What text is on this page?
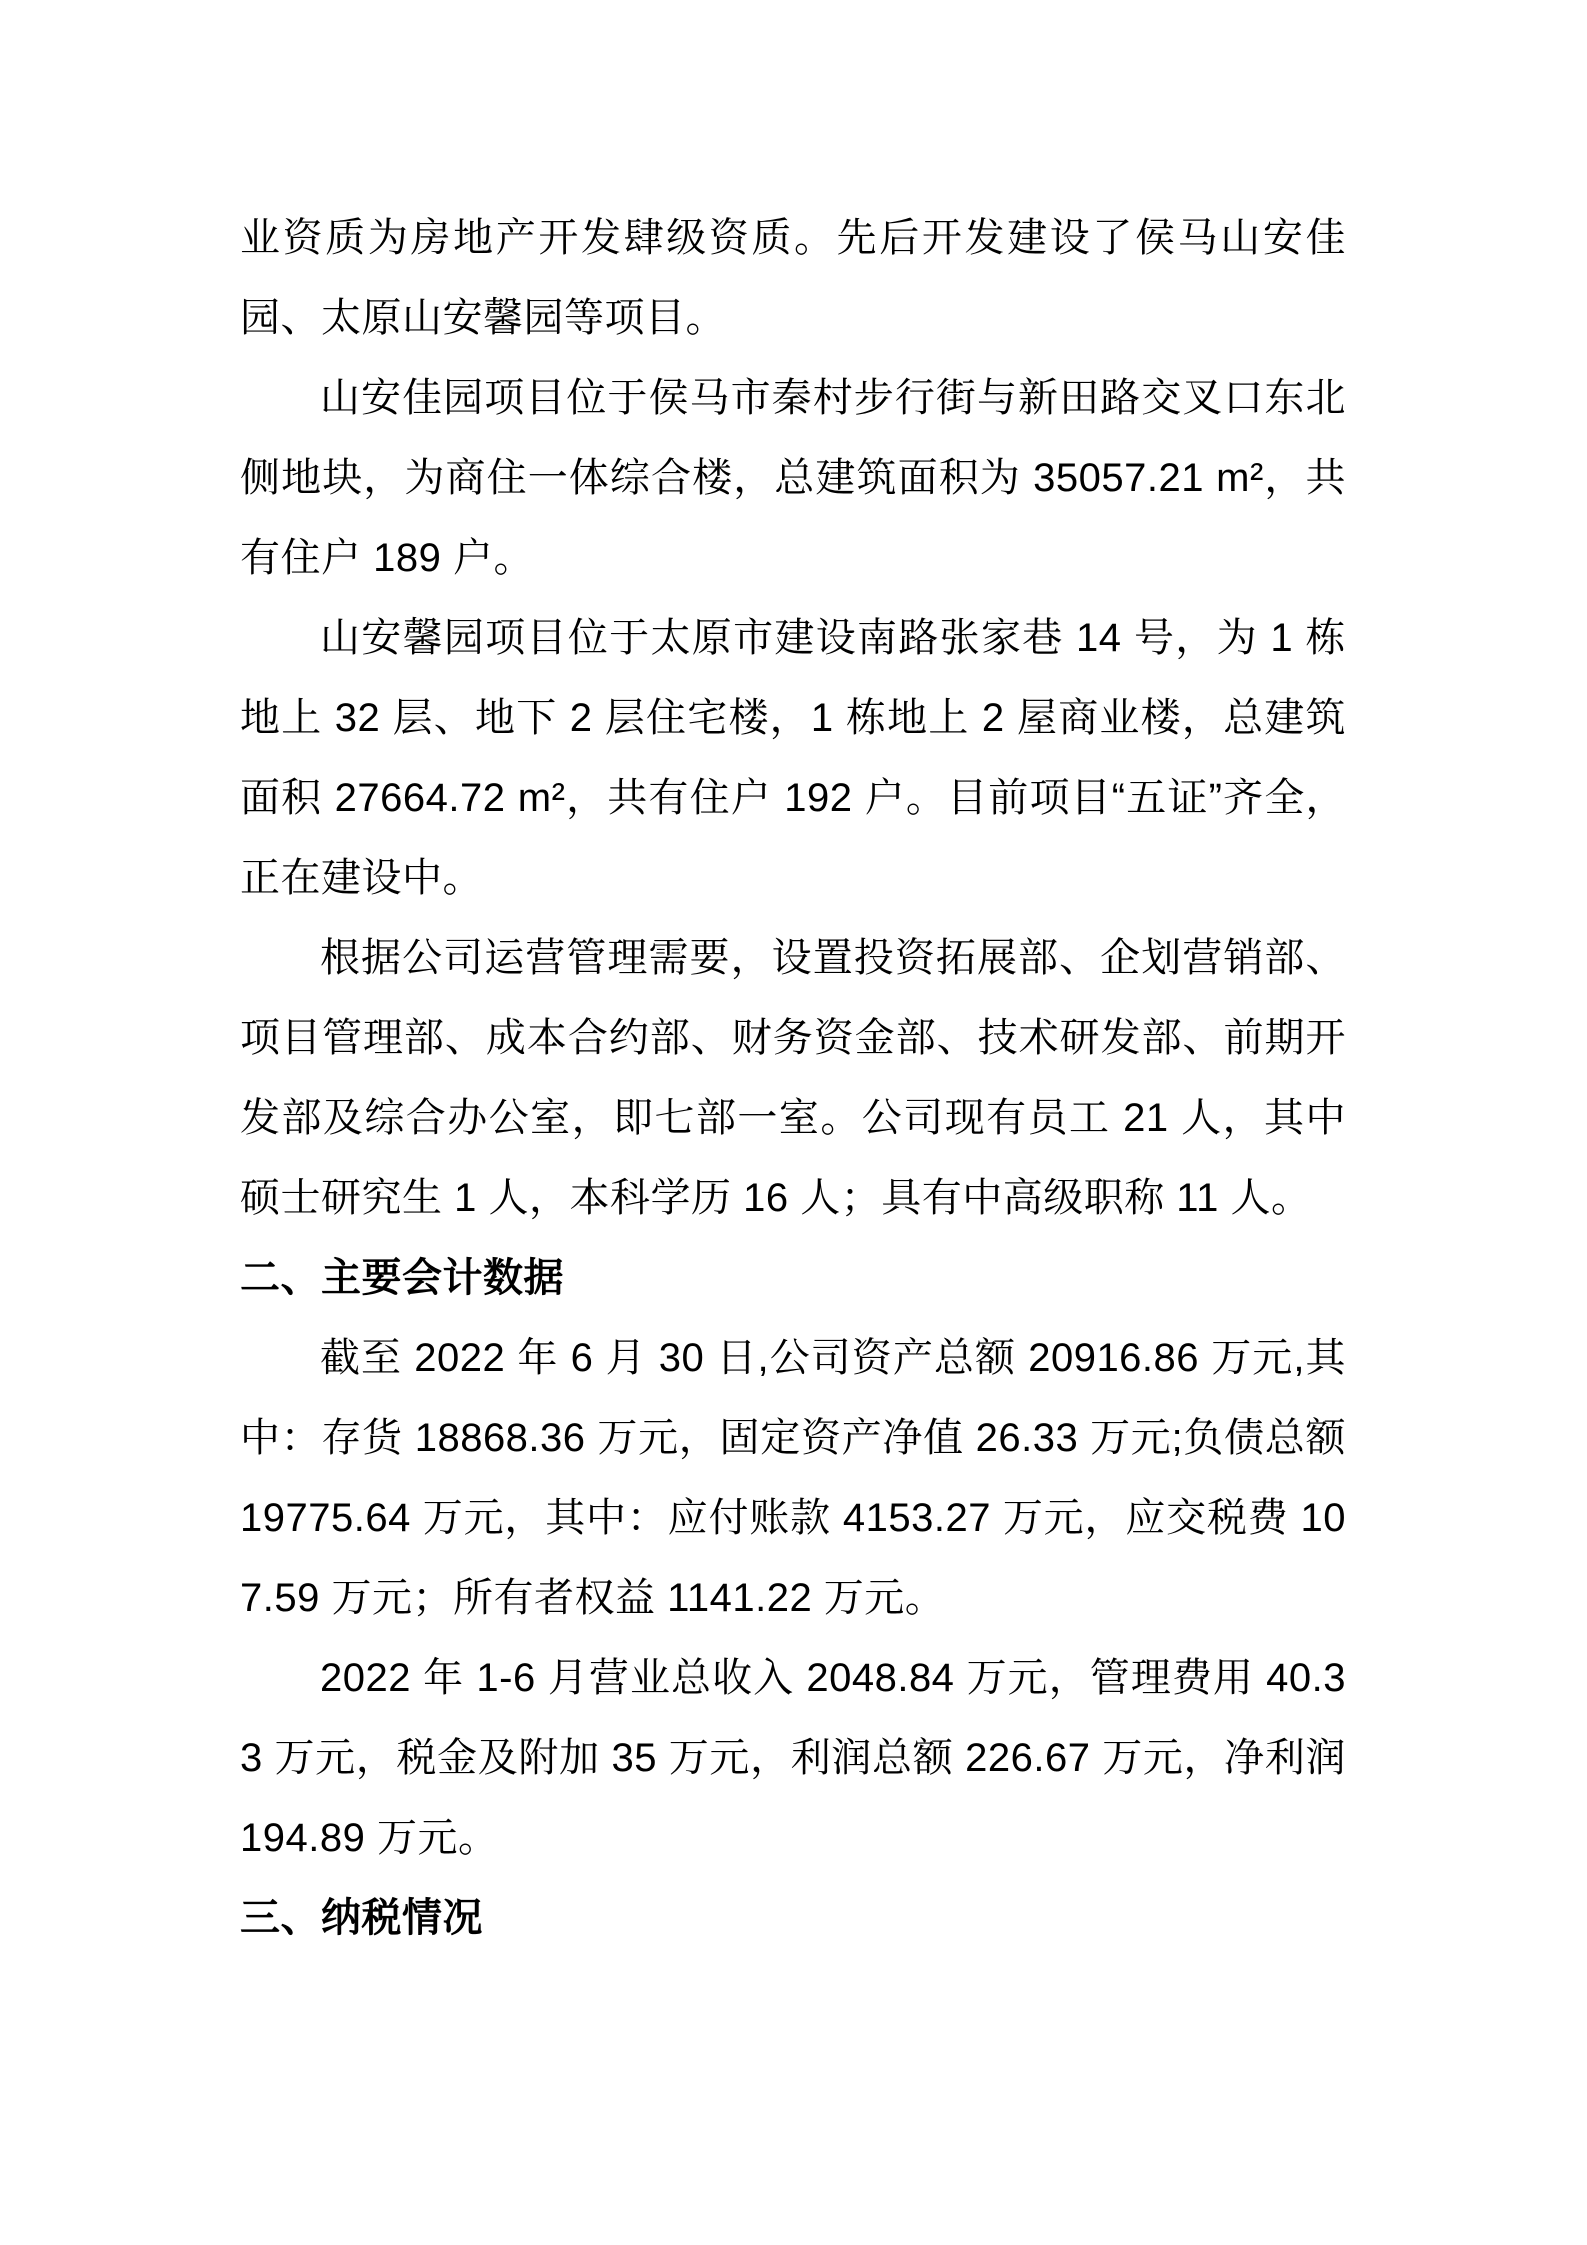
业资质为房地产开发肆级资质。先后开发建设了侯马山安佳园、太原山安馨园等项目。

山安佳园项目位于侯马市秦村步行街与新田路交叉口东北侧地块，为商住一体综合楼，总建筑面积为 35057.21 m²，共有住户 189 户。

山安馨园项目位于太原市建设南路张家巷 14 号，为 1 栋地上 32 层、地下 2 层住宅楼，1 栋地上 2 屋商业楼，总建筑面积 27664.72 m²，共有住户 192 户。目前项目“五证”齐全，正在建设中。

根据公司运营管理需要，设置投资拓展部、企划营销部、项目管理部、成本合约部、财务资金部、技术研发部、前期开发部及综合办公室，即七部一室。公司现有员工 21 人，其中硕士研究生 1 人，本科学历 16 人；具有中高级职称 11 人。

二、主要会计数据

截至 2022 年 6 月 30 日,公司资产总额 20916.86 万元,其中：存货 18868.36 万元，固定资产净值 26.33 万元;负债总额 19775.64 万元，其中：应付账款 4153.27 万元，应交税费 107.59 万元；所有者权益 1141.22 万元。

2022 年 1-6 月营业总收入 2048.84 万元，管理费用 40.33 万元，税金及附加 35 万元，利润总额 226.67 万元，净利润 194.89 万元。

三、纳税情况
